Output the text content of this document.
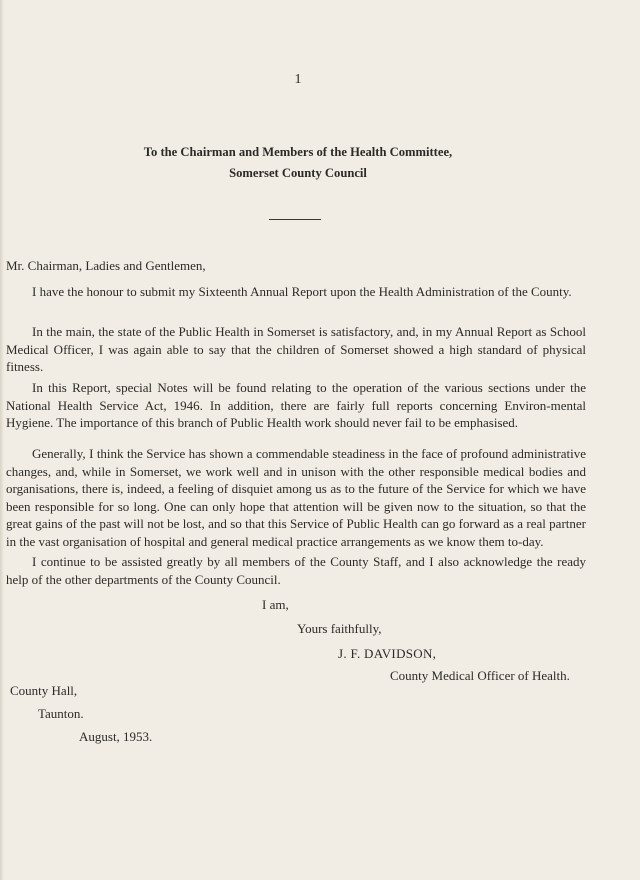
1
To the Chairman and Members of the Health Committee,
Somerset County Council
Mr. Chairman, Ladies and Gentlemen,
I have the honour to submit my Sixteenth Annual Report upon the Health Administration of the County.
In the main, the state of the Public Health in Somerset is satisfactory, and, in my Annual Report as School Medical Officer, I was again able to say that the children of Somerset showed a high standard of physical fitness.
In this Report, special Notes will be found relating to the operation of the various sections under the National Health Service Act, 1946. In addition, there are fairly full reports concerning Environ-mental Hygiene. The importance of this branch of Public Health work should never fail to be emphasised.
Generally, I think the Service has shown a commendable steadiness in the face of profound administrative changes, and, while in Somerset, we work well and in unison with the other responsible medical bodies and organisations, there is, indeed, a feeling of disquiet among us as to the future of the Service for which we have been responsible for so long. One can only hope that attention will be given now to the situation, so that the great gains of the past will not be lost, and so that this Service of Public Health can go forward as a real partner in the vast organisation of hospital and general medical practice arrangements as we know them to-day.
I continue to be assisted greatly by all members of the County Staff, and I also acknowledge the ready help of the other departments of the County Council.
I am,
Yours faithfully,
J. F. DAVIDSON,
County Medical Officer of Health.
County Hall,
Taunton.
August, 1953.
